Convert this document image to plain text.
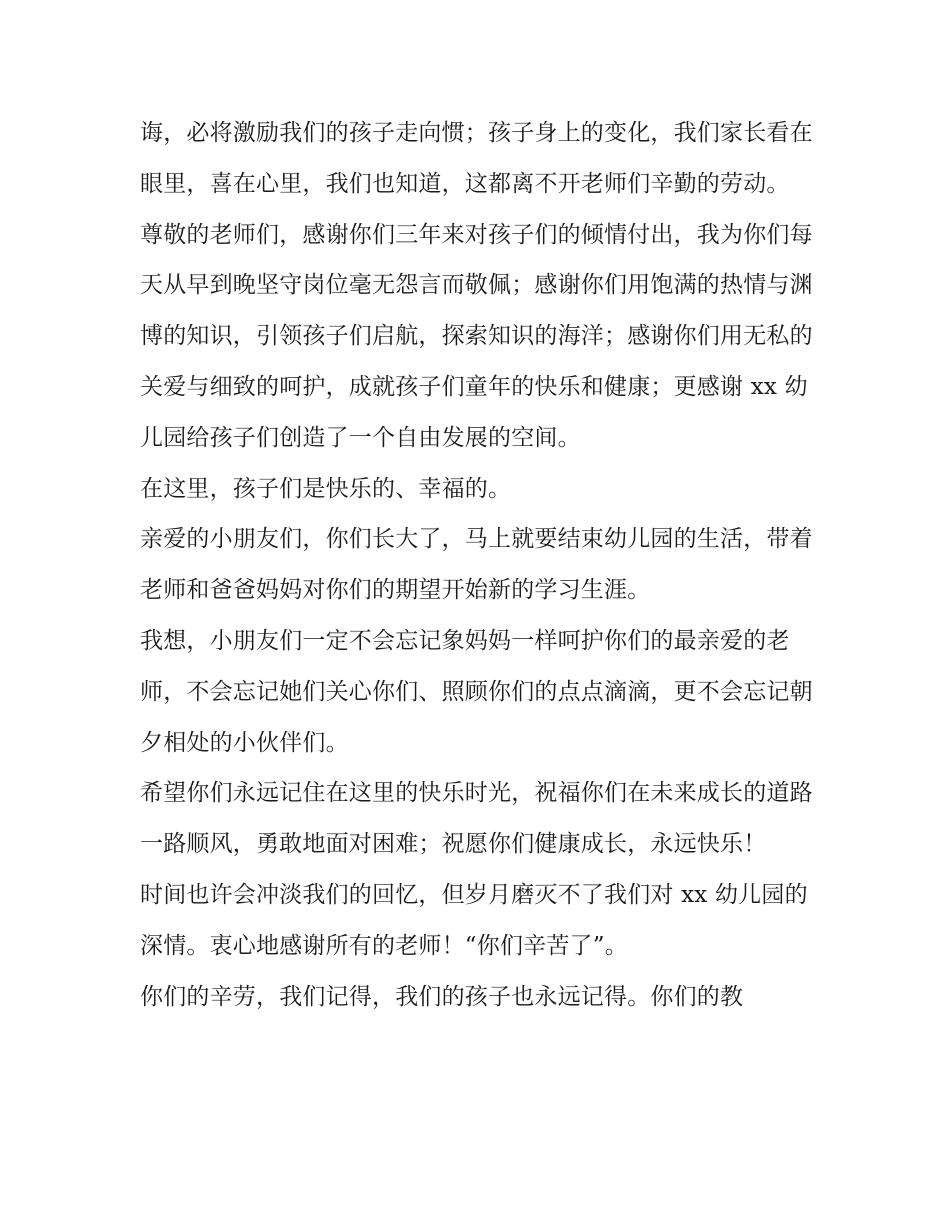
诲，必将激励我们的孩子走向惯；孩子身上的变化，我们家长看在眼里，喜在心里，我们也知道，这都离不开老师们辛勤的劳动。

尊敬的老师们，感谢你们三年来对孩子们的倾情付出，我为你们每天从早到晚坚守岗位毫无怨言而敬佩；感谢你们用饱满的热情与渊博的知识，引领孩子们启航，探索知识的海洋；感谢你们用无私的关爱与细致的呵护，成就孩子们童年的快乐和健康；更感谢 xx 幼儿园给孩子们创造了一个自由发展的空间。

在这里，孩子们是快乐的、幸福的。

亲爱的小朋友们，你们长大了，马上就要结束幼儿园的生活，带着老师和爸爸妈妈对你们的期望开始新的学习生涯。

我想，小朋友们一定不会忘记象妈妈一样呵护你们的最亲爱的老师，不会忘记她们关心你们、照顾你们的点点滴滴，更不会忘记朝夕相处的小伙伴们。

希望你们永远记住在这里的快乐时光，祝福你们在未来成长的道路一路顺风，勇敢地面对困难；祝愿你们健康成长，永远快乐！

时间也许会冲淡我们的回忆，但岁月磨灭不了我们对 xx 幼儿园的深情。衷心地感谢所有的老师！“你们辛苦了”。

你们的辛劳，我们记得，我们的孩子也永远记得。你们的教
